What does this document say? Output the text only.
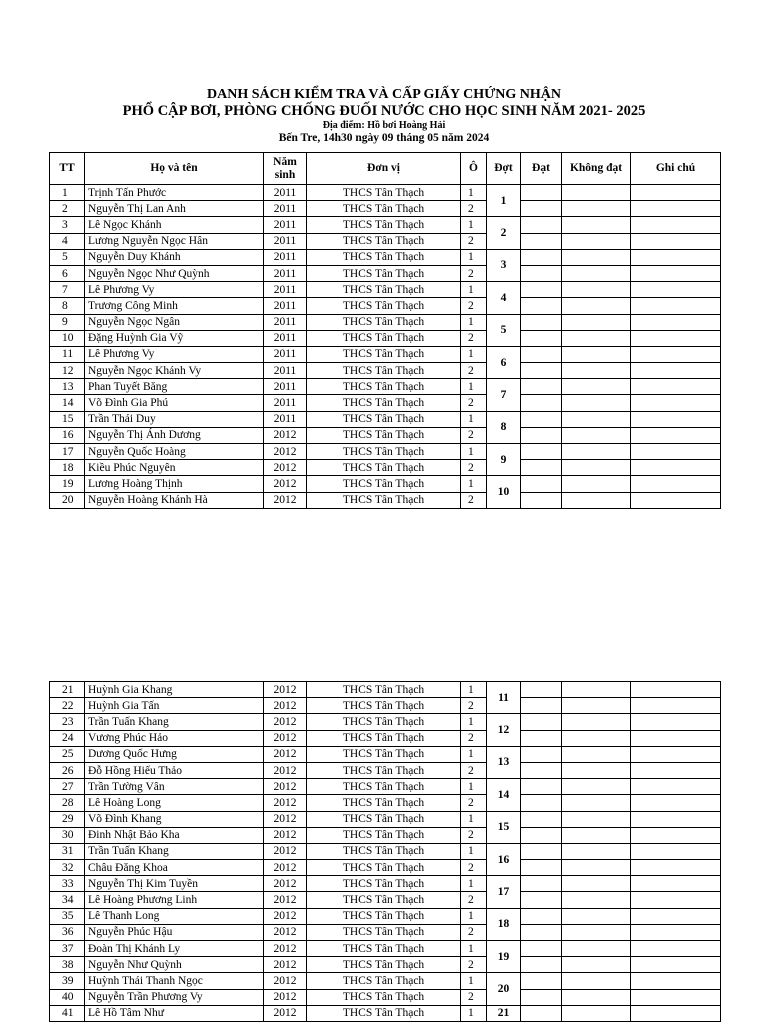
DANH SÁCH KIỂM TRA VÀ CẤP GIẤY CHỨNG NHẬN
PHỔ CẬP BƠI, PHÒNG CHỐNG ĐUỐI NƯỚC CHO HỌC SINH NĂM 2021- 2025
Địa điểm: Hồ bơi Hoàng Hải
Bến Tre, 14h30 ngày 09 tháng 05 năm 2024
TT	Họ và tên	Năm sinh	Đơn vị	Ô	Đợt	Đạt	Không đạt	Ghi chú
1	Trịnh Tấn Phước	2011	THCS Tân Thạch	1	1			
2	Nguyễn Thị Lan Anh	2011	THCS Tân Thạch	2				
3	Lê Ngọc Khánh	2011	THCS Tân Thạch	1	2			
4	Lương Nguyễn Ngọc Hân	2011	THCS Tân Thạch	2				
5	Nguyễn Duy Khánh	2011	THCS Tân Thạch	1	3			
6	Nguyễn Ngọc Như Quỳnh	2011	THCS Tân Thạch	2				
7	Lê Phương Vy	2011	THCS Tân Thạch	1	4			
8	Trương Công Minh	2011	THCS Tân Thạch	2				
9	Nguyễn Ngọc Ngân	2011	THCS Tân Thạch	1	5			
10	Đặng Huỳnh Gia Vỹ	2011	THCS Tân Thạch	2				
11	Lê Phương Vy	2011	THCS Tân Thạch	1	6			
12	Nguyễn Ngọc Khánh Vy	2011	THCS Tân Thạch	2				
13	Phan Tuyết Băng	2011	THCS Tân Thạch	1	7			
14	Võ Đình Gia Phú	2011	THCS Tân Thạch	2				
15	Trần Thái Duy	2011	THCS Tân Thạch	1	8			
16	Nguyễn Thị Ánh Dương	2012	THCS Tân Thạch	2				
17	Nguyễn Quốc Hoàng	2012	THCS Tân Thạch	1	9			
18	Kiều Phúc Nguyên	2012	THCS Tân Thạch	2				
19	Lương Hoàng Thịnh	2012	THCS Tân Thạch	1	10			
20	Nguyễn Hoàng Khánh Hà	2012	THCS Tân Thạch	2				
21	Huỳnh Gia Khang	2012	THCS Tân Thạch	1	11			
22	Huỳnh Gia Tấn	2012	THCS Tân Thạch	2				
23	Trần Tuấn Khang	2012	THCS Tân Thạch	1	12			
24	Vương Phúc Hảo	2012	THCS Tân Thạch	2				
25	Dương Quốc Hưng	2012	THCS Tân Thạch	1	13			
26	Đỗ Hồng Hiếu Thảo	2012	THCS Tân Thạch	2				
27	Trần Tường Vân	2012	THCS Tân Thạch	1	14			
28	Lê Hoàng Long	2012	THCS Tân Thạch	2				
29	Võ Đình Khang	2012	THCS Tân Thạch	1	15			
30	Đinh Nhật Bảo Kha	2012	THCS Tân Thạch	2				
31	Trần Tuấn Khang	2012	THCS Tân Thạch	1	16			
32	Châu Đăng Khoa	2012	THCS Tân Thạch	2				
33	Nguyễn Thị Kim Tuyền	2012	THCS Tân Thạch	1	17			
34	Lê Hoàng Phương Linh	2012	THCS Tân Thạch	2				
35	Lê Thanh Long	2012	THCS Tân Thạch	1	18			
36	Nguyễn Phúc Hậu	2012	THCS Tân Thạch	2				
37	Đoàn Thị Khánh Ly	2012	THCS Tân Thạch	1	19			
38	Nguyễn Như Quỳnh	2012	THCS Tân Thạch	2				
39	Huỳnh Thái Thanh Ngọc	2012	THCS Tân Thạch	1	20			
40	Nguyễn Trần Phương Vy	2012	THCS Tân Thạch	2				
41	Lê Hồ Tâm Như	2012	THCS Tân Thạch	1	21			
